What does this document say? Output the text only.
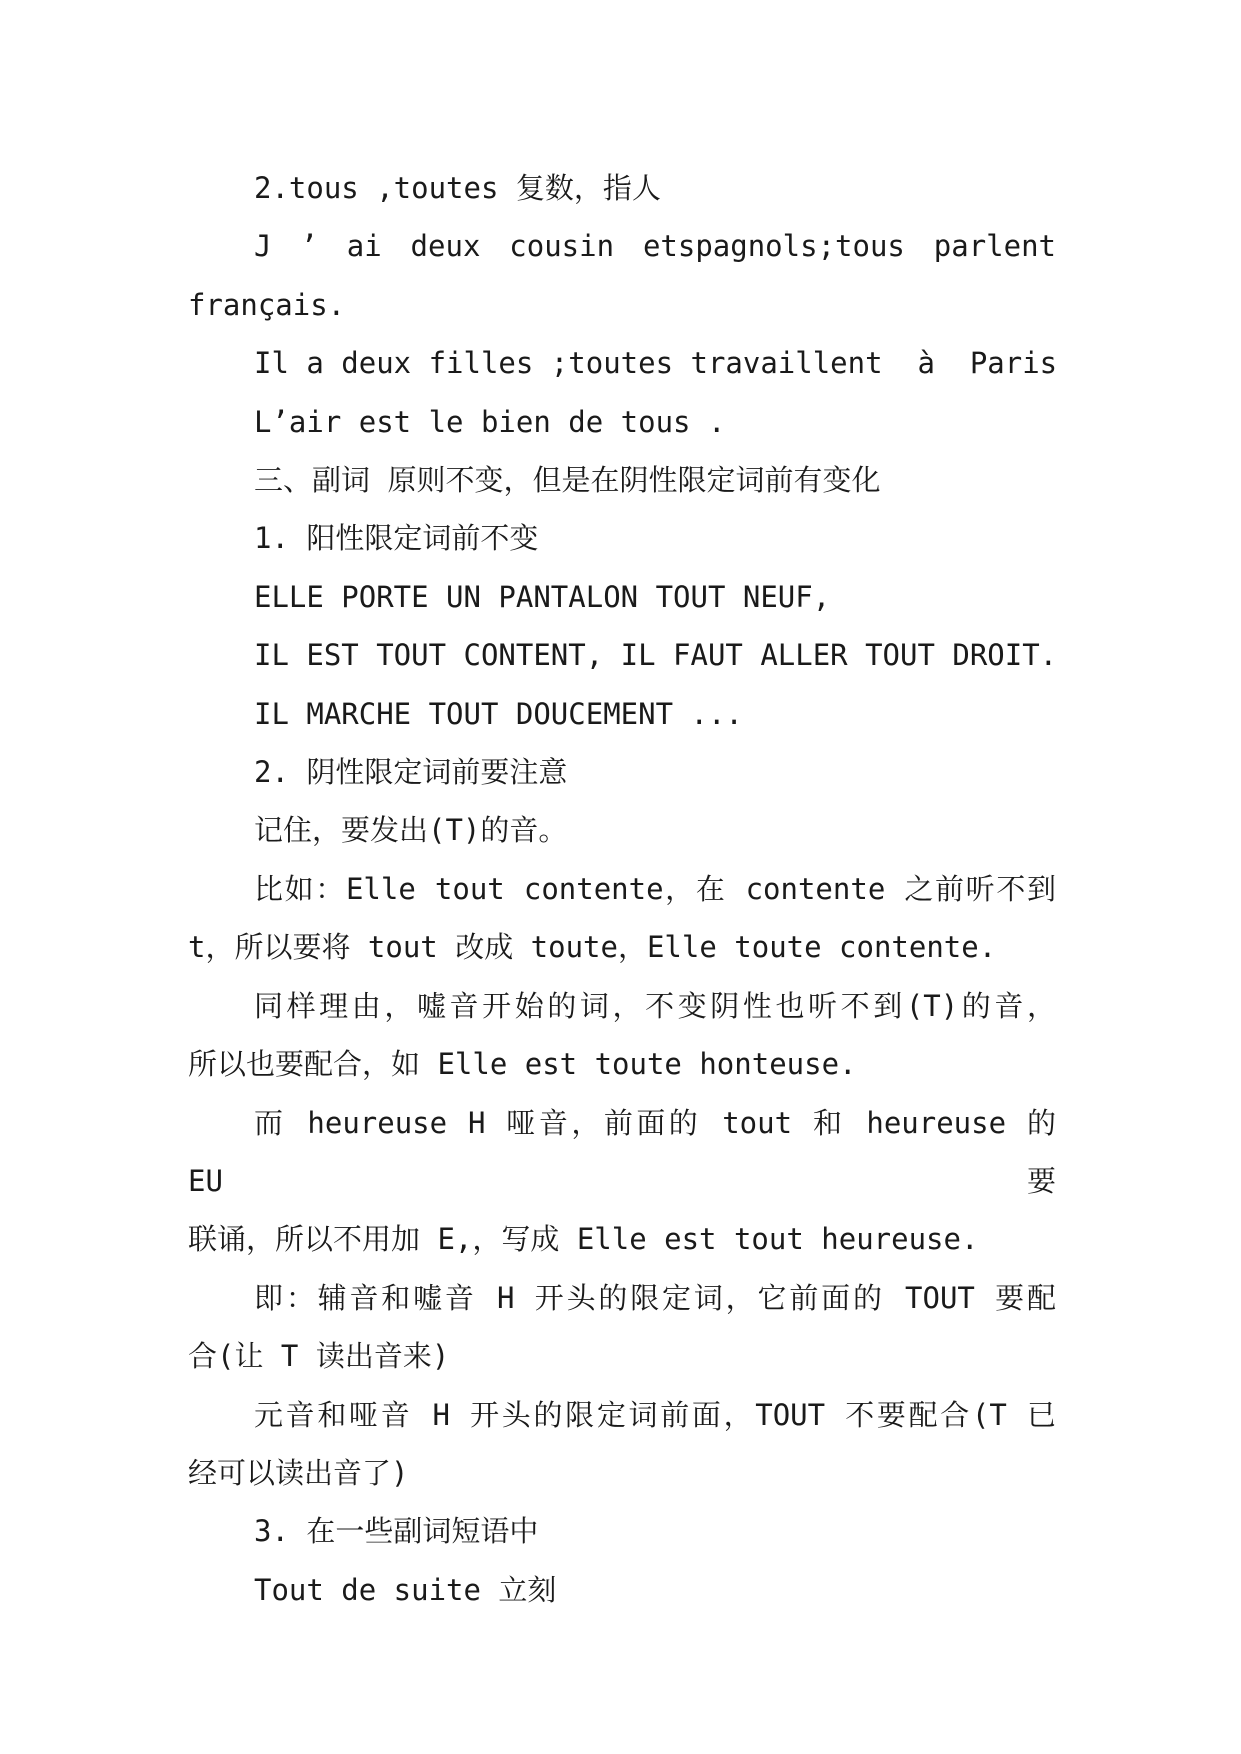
2.tous ,toutes 复数，指人

J ’ ai deux cousin etspagnols;tous parlent
français.

Il a deux filles ;toutes travaillent  à  Paris

L’air est le bien de tous .

三、副词 原则不变，但是在阴性限定词前有变化

1. 阳性限定词前不变

ELLE PORTE UN PANTALON TOUT NEUF,

IL EST TOUT CONTENT, IL FAUT ALLER TOUT DROIT.

IL MARCHE TOUT DOUCEMENT ...

2. 阴性限定词前要注意

记住，要发出(T)的音。

比如：Elle tout contente，在 contente 之前听不到
t，所以要将 tout 改成 toute，Elle toute contente.

同样理由，嘘音开始的词，不变阴性也听不到(T)的音，
所以也要配合，如 Elle est toute honteuse.

而 heureuse H 哑音，前面的 tout 和 heureuse 的 EU 要
联诵，所以不用加 E,，写成 Elle est tout heureuse.

即：辅音和嘘音 H 开头的限定词，它前面的 TOUT 要配
合(让 T 读出音来)

元音和哑音 H 开头的限定词前面，TOUT 不要配合(T 已
经可以读出音了)

3. 在一些副词短语中

Tout de suite 立刻
